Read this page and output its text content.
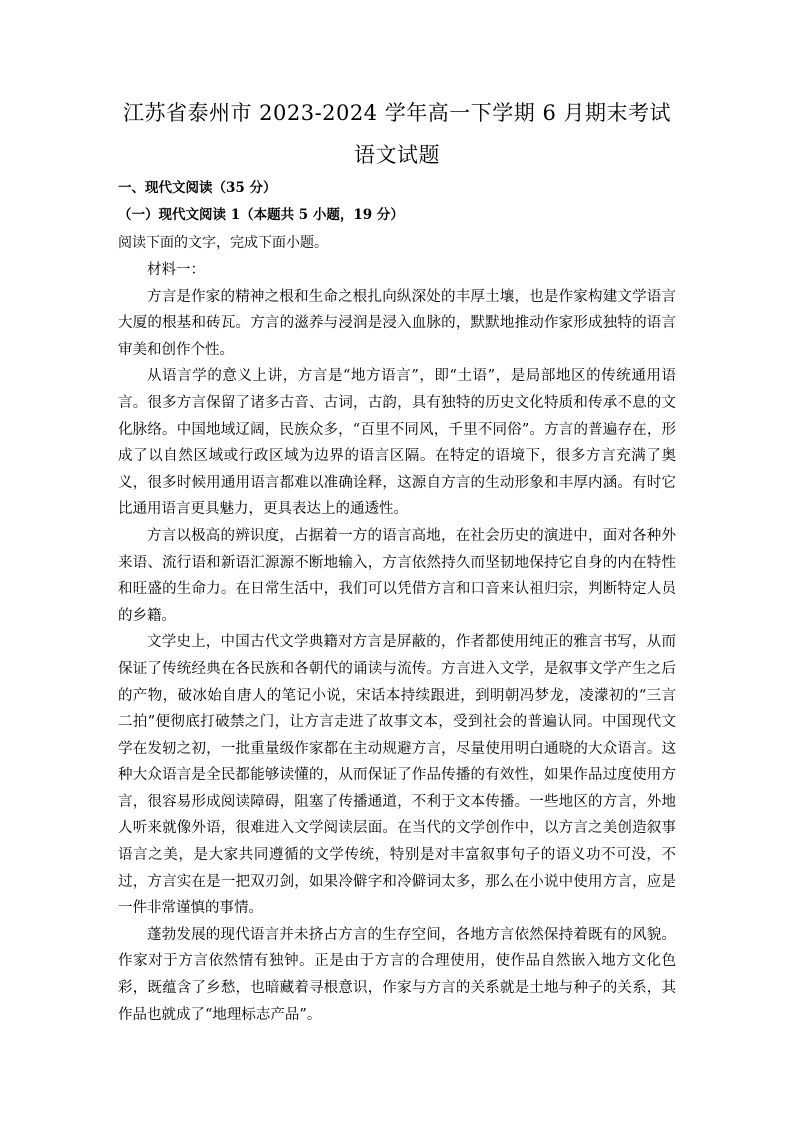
江苏省泰州市 2023-2024 学年高一下学期 6 月期末考试
语文试题
一、现代文阅读（35 分）
（一）现代文阅读 1（本题共 5 小题，19 分）
阅读下面的文字，完成下面小题。

材料一：

方言是作家的精神之根和生命之根扎向纵深处的丰厚土壤，也是作家构建文学语言大厦的根基和砖瓦。方言的滋养与浸润是浸入血脉的，默默地推动作家形成独特的语言审美和创作个性。

从语言学的意义上讲，方言是“地方语言”，即“土语”，是局部地区的传统通用语言。很多方言保留了诸多古音、古词，古韵，具有独特的历史文化特质和传承不息的文化脉络。中国地域辽阔，民族众多，“百里不同风，千里不同俗”。方言的普遍存在，形成了以自然区域或行政区域为边界的语言区隔。在特定的语境下，很多方言充满了奥义，很多时候用通用语言都难以准确诠释，这源自方言的生动形象和丰厚内涵。有时它比通用语言更具魅力，更具表达上的通透性。

方言以极高的辨识度，占据着一方的语言高地，在社会历史的演进中，面对各种外来语、流行语和新语汇源源不断地输入，方言依然持久而坚韧地保持它自身的内在特性和旺盛的生命力。在日常生活中，我们可以凭借方言和口音来认祖归宗，判断特定人员的乡籍。

文学史上，中国古代文学典籍对方言是屏蔽的，作者都使用纯正的雅言书写，从而保证了传统经典在各民族和各朝代的诵读与流传。方言进入文学，是叙事文学产生之后的产物，破冰始自唐人的笔记小说，宋话本持续跟进，到明朝冯梦龙，凌濛初的“三言二拍”便彻底打破禁之门，让方言走进了故事文本，受到社会的普遍认同。中国现代文学在发轫之初，一批重量级作家都在主动规避方言，尽量使用明白通晓的大众语言。这种大众语言是全民都能够读懂的，从而保证了作品传播的有效性，如果作品过度使用方言，很容易形成阅读障碍，阻塞了传播通道，不利于文本传播。一些地区的方言，外地人听来就像外语，很难进入文学阅读层面。在当代的文学创作中，以方言之美创造叙事语言之美，是大家共同遵循的文学传统，特别是对丰富叙事句子的语义功不可没，不过，方言实在是一把双刃剑，如果冷僻字和冷僻词太多，那么在小说中使用方言，应是一件非常谨慎的事情。

蓬勃发展的现代语言并未挤占方言的生存空间，各地方言依然保持着既有的风貌。作家对于方言依然情有独钟。正是由于方言的合理使用，使作品自然嵌入地方文化色彩，既蕴含了乡愁，也暗藏着寻根意识，作家与方言的关系就是土地与种子的关系，其作品也就成了“地理标志产品”。
